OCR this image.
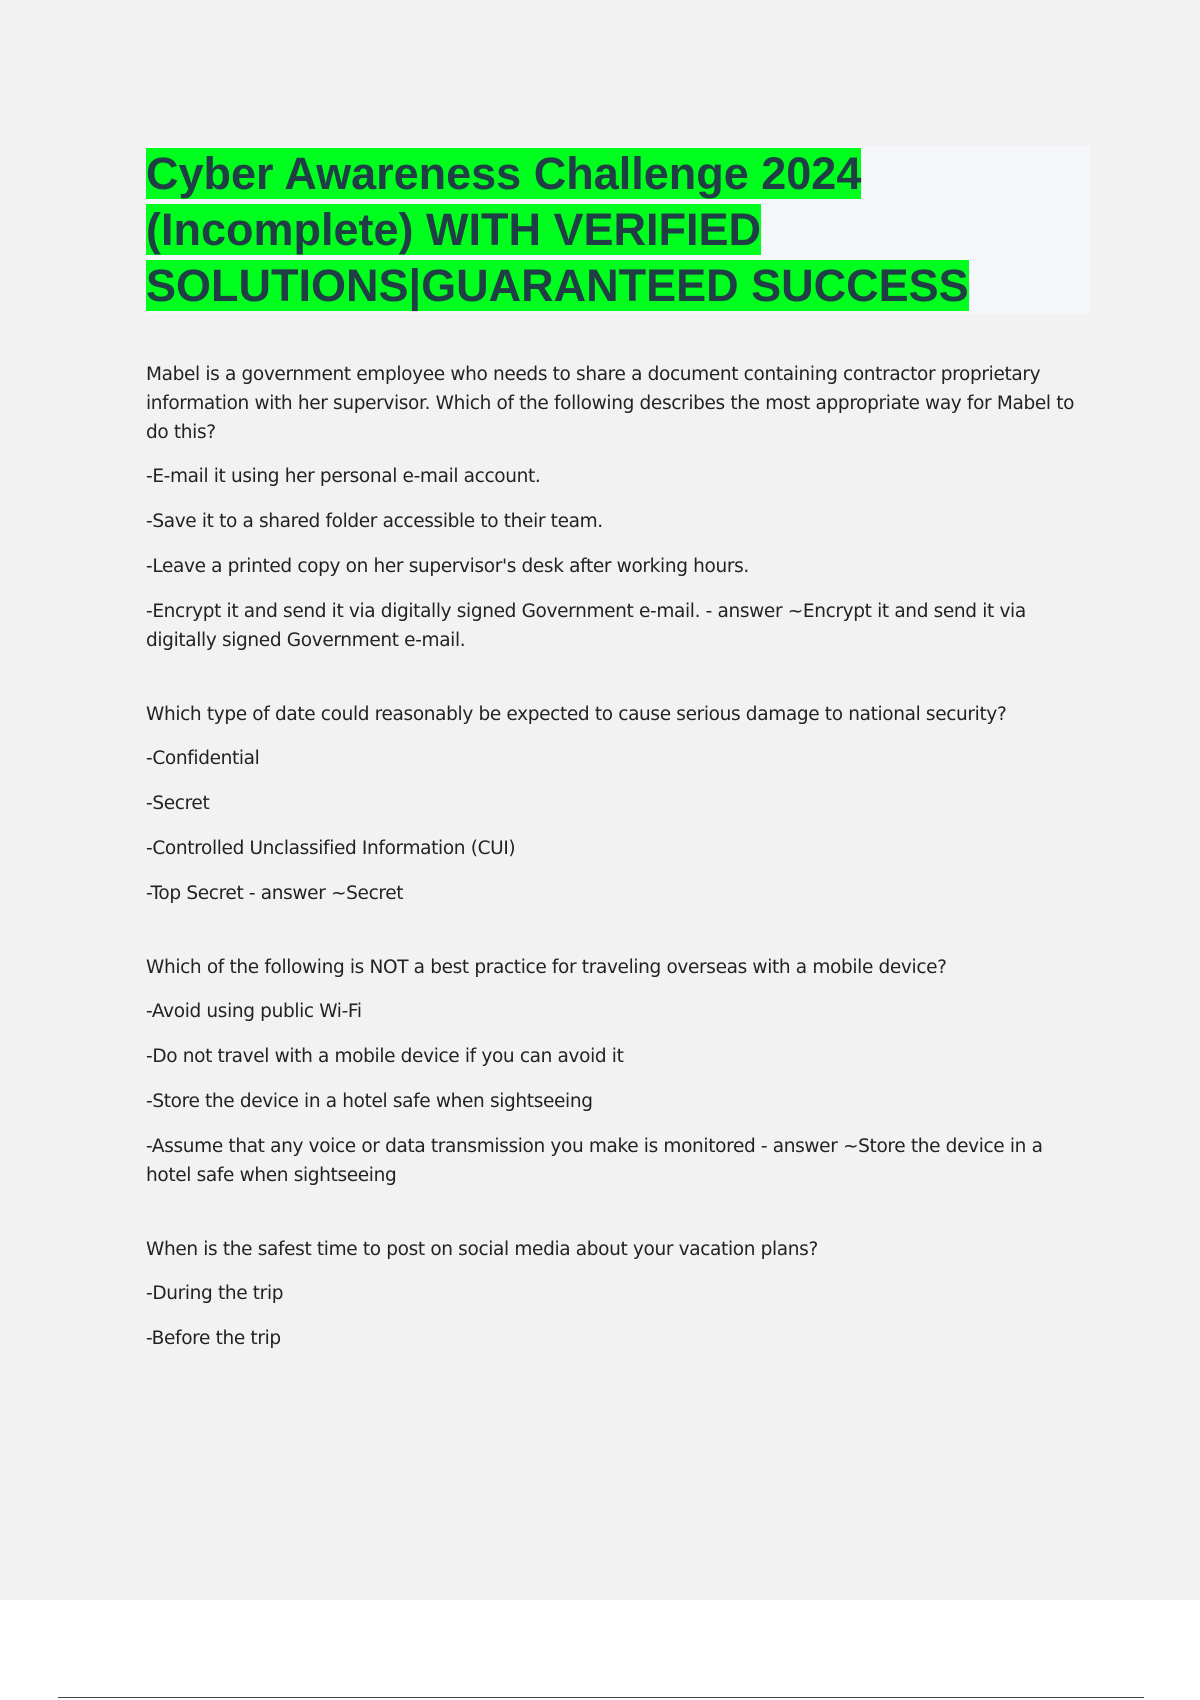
Cyber Awareness Challenge 2024 (Incomplete) WITH VERIFIED SOLUTIONS|GUARANTEED SUCCESS

Mabel is a government employee who needs to share a document containing contractor proprietary information with her supervisor. Which of the following describes the most appropriate way for Mabel to do this?

-E-mail it using her personal e-mail account.

-Save it to a shared folder accessible to their team.

-Leave a printed copy on her supervisor's desk after working hours.

-Encrypt it and send it via digitally signed Government e-mail. - answer ~Encrypt it and send it via digitally signed Government e-mail.

Which type of date could reasonably be expected to cause serious damage to national security?

-Confidential

-Secret

-Controlled Unclassified Information (CUI)

-Top Secret - answer ~Secret

Which of the following is NOT a best practice for traveling overseas with a mobile device?

-Avoid using public Wi-Fi

-Do not travel with a mobile device if you can avoid it

-Store the device in a hotel safe when sightseeing

-Assume that any voice or data transmission you make is monitored - answer ~Store the device in a hotel safe when sightseeing

When is the safest time to post on social media about your vacation plans?

-During the trip

-Before the trip
